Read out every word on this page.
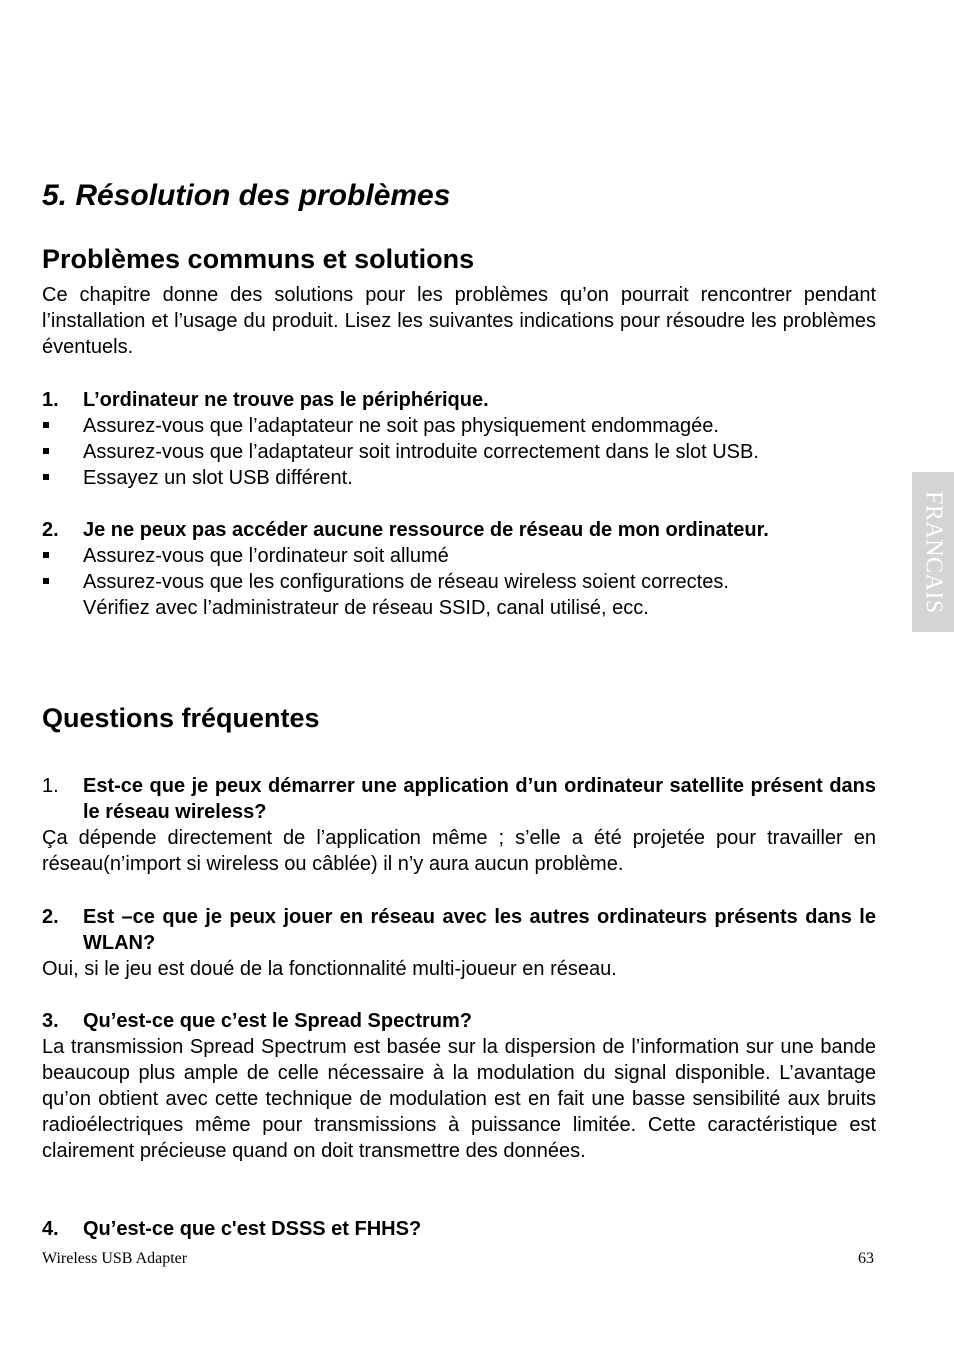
5. Résolution des problèmes
Problèmes communs et solutions

Ce chapitre donne des solutions pour les problèmes qu’on pourrait rencontrer pendant l’installation et l’usage du produit. Lisez les suivantes indications pour résoudre les problèmes éventuels.

1.	L’ordinateur ne trouve pas le périphérique.
Assurez-vous que l’adaptateur ne soit pas physiquement endommagée.
Assurez-vous que l’adaptateur soit introduite correctement dans le slot USB.
Essayez un slot USB différent.
2.	Je ne peux pas accéder aucune ressource de réseau de mon ordinateur.
Assurez-vous que l’ordinateur soit allumé
Assurez-vous que les configurations de réseau wireless soient correctes.
Vérifiez avec l’administrateur de réseau SSID, canal utilisé, ecc.
Questions fréquentes
1.	Est-ce que je peux démarrer une application d’un ordinateur satellite présent dans le réseau wireless?
Ça dépende directement de l’application même ; s’elle a été projetée pour travailler en réseau(n’import si wireless ou câblée) il n’y aura aucun problème.
2.	Est –ce que je peux jouer en réseau avec les autres ordinateurs présents dans le WLAN?
Oui, si le jeu est doué de la fonctionnalité multi-joueur en réseau.
3.	Qu’est-ce que c’est le Spread Spectrum?
La transmission Spread Spectrum est basée sur la dispersion de l’information sur une bande beaucoup plus ample de celle nécessaire à la modulation du signal disponible. L’avantage qu’on obtient avec cette technique de modulation est en fait une basse sensibilité aux bruits radioélectriques même pour transmissions à puissance limitée. Cette caractéristique est clairement précieuse quand on doit transmettre des données.
4.	Qu’est-ce que c'est DSSS et FHHS?
FRANCAIS
Wireless USB Adapter	63
